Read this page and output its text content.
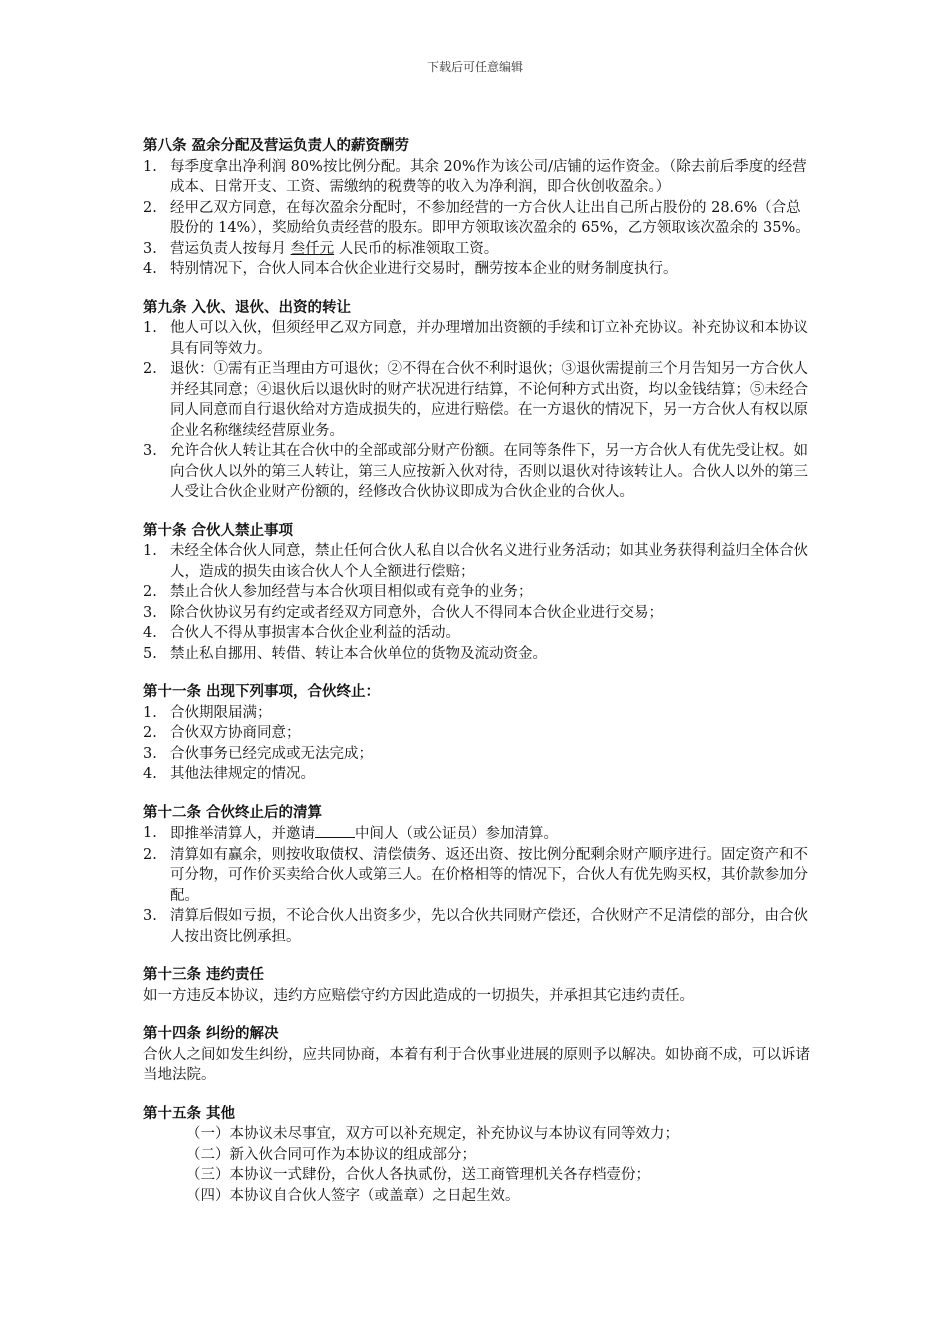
下载后可任意编辑
第八条 盈余分配及营运负责人的薪资酬劳
1. 每季度拿出净利润 80%按比例分配。其余 20%作为该公司/店铺的运作资金。（除去前后季度的经营成本、日常开支、工资、需缴纳的税费等的收入为净利润，即合伙创收盈余。）
2. 经甲乙双方同意，在每次盈余分配时，不参加经营的一方合伙人让出自己所占股份的 28.6%（合总股份的 14%），奖励给负责经营的股东。即甲方领取该次盈余的 65%，乙方领取该次盈余的 35%。
3. 营运负责人按每月 叁仟元 人民币的标准领取工资。
4. 特别情况下，合伙人同本合伙企业进行交易时，酬劳按本企业的财务制度执行。
第九条 入伙、退伙、出资的转让
1. 他人可以入伙，但须经甲乙双方同意，并办理增加出资额的手续和订立补充协议。补充协议和本协议具有同等效力。
2. 退伙：①需有正当理由方可退伙；②不得在合伙不利时退伙；③退伙需提前三个月告知另一方合伙人并经其同意；④退伙后以退伙时的财产状况进行结算，不论何种方式出资，均以金钱结算；⑤未经合同人同意而自行退伙给对方造成损失的，应进行赔偿。在一方退伙的情况下，另一方合伙人有权以原企业名称继续经营原业务。
3. 允许合伙人转让其在合伙中的全部或部分财产份额。在同等条件下，另一方合伙人有优先受让权。如向合伙人以外的第三人转让，第三人应按新入伙对待，否则以退伙对待该转让人。合伙人以外的第三人受让合伙企业财产份额的，经修改合伙协议即成为合伙企业的合伙人。
第十条 合伙人禁止事项
1. 未经全体合伙人同意，禁止任何合伙人私自以合伙名义进行业务活动；如其业务获得利益归全体合伙人，造成的损失由该合伙人个人全额进行偿赔；
2. 禁止合伙人参加经营与本合伙项目相似或有竞争的业务；
3. 除合伙协议另有约定或者经双方同意外，合伙人不得同本合伙企业进行交易；
4. 合伙人不得从事损害本合伙企业利益的活动。
5. 禁止私自挪用、转借、转让本合伙单位的货物及流动资金。
第十一条 出现下列事项，合伙终止：
1. 合伙期限届满；
2. 合伙双方协商同意；
3. 合伙事务已经完成或无法完成；
4. 其他法律规定的情况。
第十二条 合伙终止后的清算
1. 即推举清算人，并邀请	中间人（或公证员）参加清算。
2. 清算如有赢余，则按收取债权、清偿债务、返还出资、按比例分配剩余财产顺序进行。固定资产和不可分物，可作价买卖给合伙人或第三人。在价格相等的情况下，合伙人有优先购买权，其价款参加分配。
3. 清算后假如亏损，不论合伙人出资多少，先以合伙共同财产偿还，合伙财产不足清偿的部分，由合伙人按出资比例承担。
第十三条 违约责任
如一方违反本协议，违约方应赔偿守约方因此造成的一切损失，并承担其它违约责任。
第十四条 纠纷的解决
合伙人之间如发生纠纷，应共同协商，本着有利于合伙事业进展的原则予以解决。如协商不成，可以诉诸当地法院。
第十五条 其他
（一）本协议未尽事宜，双方可以补充规定，补充协议与本协议有同等效力；
（二）新入伙合同可作为本协议的组成部分；
（三）本协议一式肆份，合伙人各执贰份，送工商管理机关各存档壹份；
（四）本协议自合伙人签字（或盖章）之日起生效。
